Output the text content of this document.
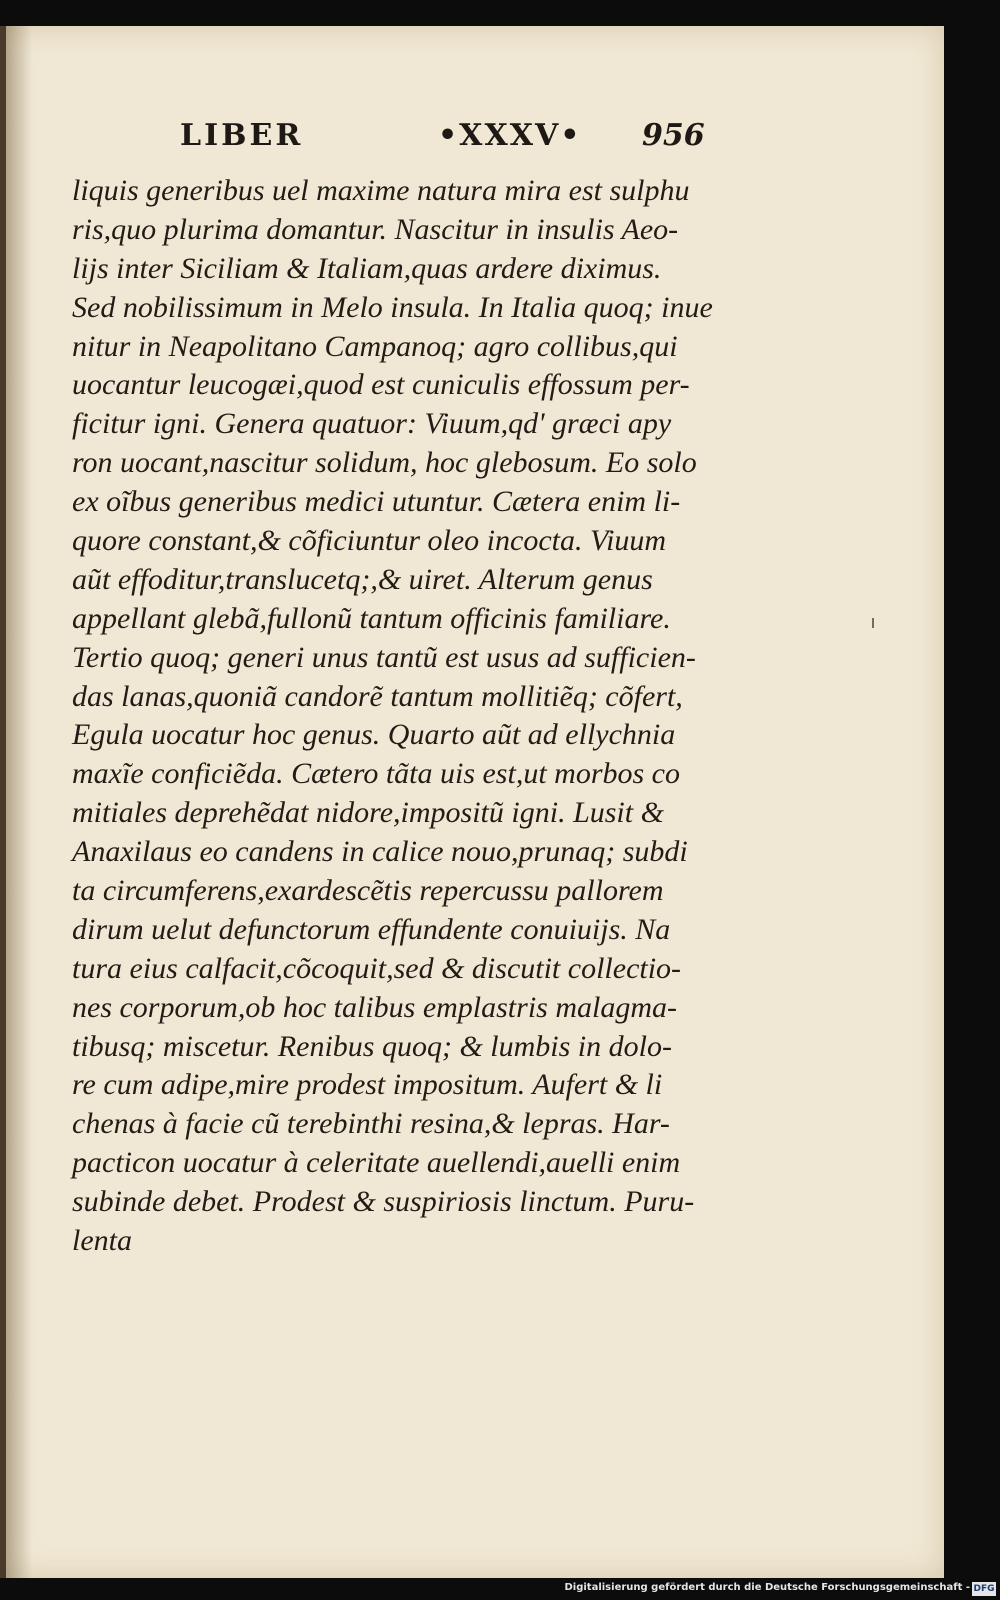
LIBER	•XXXV• 956
liquis generibus uel maxime natura mira est sulphu
ris,quo plurima domantur. Nascitur in insulis Aeo-
lijs inter Siciliam & Italiam,quas ardere diximus.
Sed nobilissimum in Melo insula. In Italia quoq; inue
nitur in Neapolitano Campanoq; agro collibus,qui
uocantur leucogæi,quod est cuniculis effossum per-
ficitur igni. Genera quatuor: Viuum,qd' græci apy
ron uocant,nascitur solidum, hoc glebosum. Eo solo
ex oĩbus generibus medici utuntur. Cætera enim li-
quore constant,& cõficiuntur oleo incocta. Viuum
aũt effoditur,translucetq;,& uiret. Alterum genus
appellant glebã,fullonũ tantum officinis familiare.
Tertio quoq; generi unus tantũ est usus ad sufficien-
das lanas,quoniã candorẽ tantum mollitiẽq; cõfert,
Egula uocatur hoc genus. Quarto aũt ad ellychnia
maxĩe conficiẽda. Cætero tãta uis est,ut morbos co
mitiales deprehẽdat nidore,impositũ igni. Lusit &
Anaxilaus eo candens in calice nouo,prunaq; subdi
ta circumferens,exardescẽtis repercussu pallorem
dirum uelut defunctorum effundente conuiuijs. Na
tura eius calfacit,cõcoquit,sed & discutit collectio-
nes corporum,ob hoc talibus emplastris malagma-
tibusq; miscetur. Renibus quoq; & lumbis in dolo-
re cum adipe,mire prodest impositum. Aufert & li
chenas à facie cũ terebinthi resina,& lepras. Har-
pacticon uocatur à celeritate auellendi,auelli enim
subinde debet. Prodest & suspiriosis linctum. Puru-
lenta
Digitalisierung gefördert durch die Deutsche Forschungsgemeinschaft - DFG
